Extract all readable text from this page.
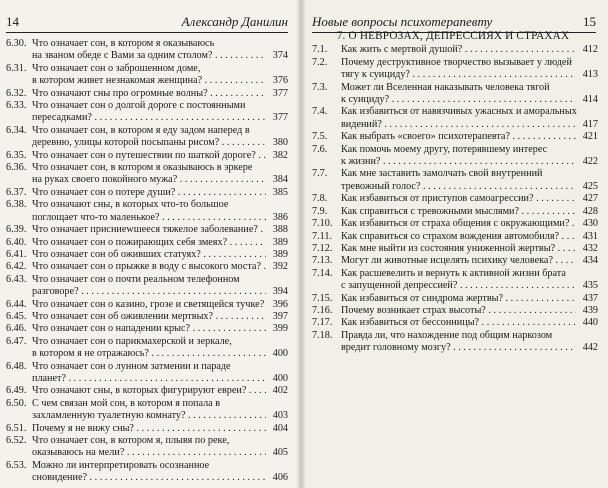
14	Александр Данилин
6.30. Что означает сон, в котором я оказываюсь
на званом обеде с Вами за одним столом? . . .	374
6.31. Что означает сон о заброшенном доме,
в котором живет незнакомая женщина? . . .	376
6.32. Что означают сны про огромные волны? . . .	377
6.33. Что означает сон о долгой дороге с постоянными
пересадками? . . .	377
6.34. Что означает сон, в котором я еду задом наперед в
деревню, улицы которой посыпаны рисом? . . .	380
6.35. Что означает сон о путешествии по шаткой дороге? . . .	382
6.36. Что означает сон, в котором я оказываюсь в эркере
на руках своего покойного мужа? . . .	384
6.37. Что означает сон о потере души? . . .	385
6.38. Что означают сны, в которых что-то большое
поглощает что-то маленькое? . . .	386
6.39. Что означает присниewшееся тяжелое заболевание? . . .	388
6.40. Что означает сон о пожирающих себя змеях? . . .	389
6.41. Что означает сон об оживших статуях? . . .	389
6.42. Что означает сон о прыжке в воду с высокого моста? . . .	392
6.43. Что означает сон о почти реальном телефонном
разговоре? . . .	394
6.44. Что означает сон о казино, грозе и светящейся тучке? . . . 396
6.45. Что означает сон об оживлении мертвых? . . .	397
6.46. Что означает сон о нападении крыс? . . .	399
6.47. Что означает сон о парикмахерской и зеркале,
в котором я не отражаюсь? . . .	400
6.48. Что означает сон о лунном затмении и параде
планет? . . .	400
6.49. Что означают сны, в которых фигурируют евреи? . . .	402
6.50. С чем связан мой сон, в котором я попала в
захламленную туалетную комнату? . . .	403
6.51. Почему я не вижу сны? . . .	404
6.52. Что означает сон, в котором я, плывя по реке,
оказываюсь на мели? . . .	405
6.53. Можно ли интерпретировать осознанное
сновидение? . . .	406
Новые вопросы психотерапевту	15
7. О НЕВРОЗАХ, ДЕПРЕССИЯХ И СТРАХАХ
7.1. Как жить с мертвой душой? . . .	412
7.2. Почему деструктивное творчество вызывает у людей
тягу к суициду? . . .	413
7.3. Может ли Вселенная наказывать человека тягой
к суициду? . . .	414
7.4. Как избавиться от навязчивых ужасных и аморальных
видений? . . .	417
7.5. Как выбрать «своего» психотерапевта? . . .	421
7.6. Как помочь моему другу, потерявшему интерес
к жизни? . . .	422
7.7. Как мне заставить замолчать свой внутренний
тревожный голос? . . .	425
7.8. Как избавиться от приступов самоагрессии? . . .	427
7.9. Как справиться с тревожными мыслями? . . .	428
7.10. Как избавиться от страха общения с окружающими? . . .	430
7.11. Как справиться со страхом вождения автомобиля? . . .	431
7.12. Как мне выйти из состояния униженной жертвы? . . .	432
7.13. Могут ли животные исцелять психику человека? . . .	434
7.14. Как расшевелить и вернуть к активной жизни брата
с запущенной депрессией? . . .	435
7.15. Как избавиться от синдрома жертвы? . . .	437
7.16. Почему возникает страх высоты? . . .	439
7.17. Как избавиться от бессонницы? . . .	440
7.18. Правда ли, что нахождение под общим наркозом
вредит головному мозгу? . . .	442
